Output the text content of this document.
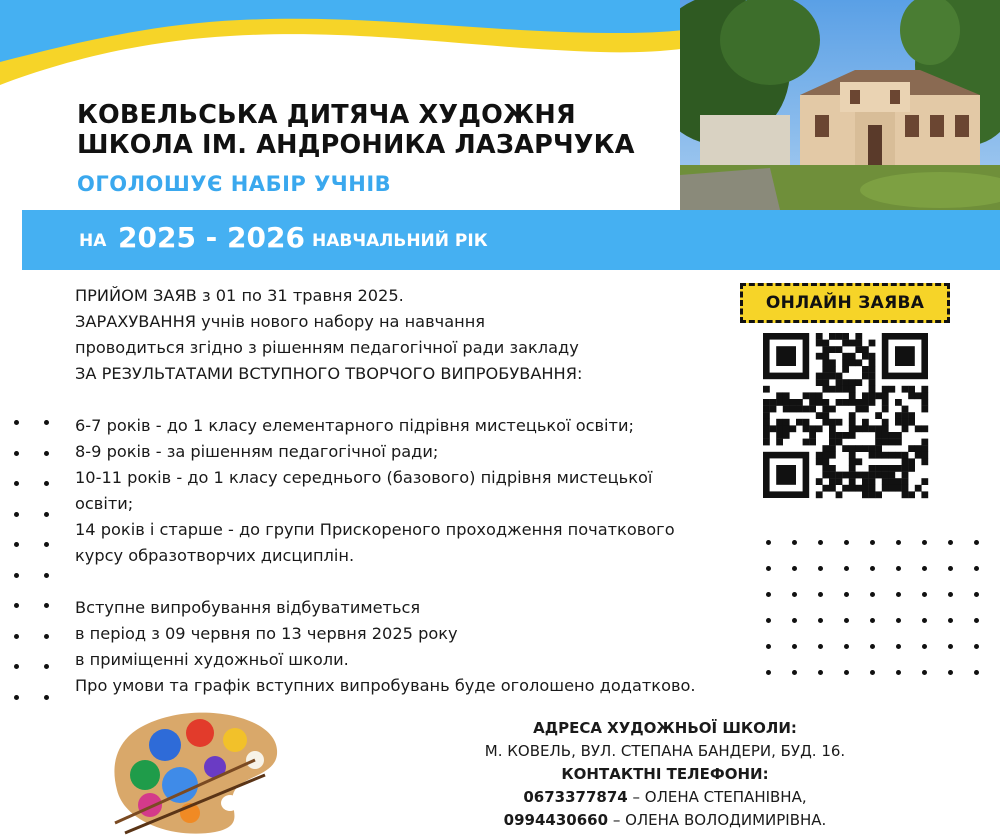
КОВЕЛЬСЬКА ДИТЯЧА ХУДОЖНЯ
ШКОЛА ІМ. АНДРОНИКА ЛАЗАРЧУКА
ОГОЛОШУЄ НАБІР УЧНІВ
НА 2025 - 2026 НАВЧАЛЬНИЙ РІК

ПРИЙОМ ЗАЯВ з 01 по 31 травня 2025.

ЗАРАХУВАННЯ учнів нового набору на навчання

проводиться згідно з рішенням педагогічної ради закладу

ЗА РЕЗУЛЬТАТАМИ ВСТУПНОГО ТВОРЧОГО ВИПРОБУВАННЯ:

6-7 років - до 1 класу елементарного підрівня мистецької освіти;

8-9 років - за рішенням педагогічної ради;

10-11 років - до 1 класу середнього (базового) підрівня мистецької

освіти;

14 років і старше - до групи Прискореного проходження початкового

курсу образотворчих дисциплін.

Вступне випробування відбуватиметься

в період з 09 червня по 13 червня 2025 року

в приміщенні художньої школи.

Про умови та графік вступних випробувань буде оголошено додатково.

ОНЛАЙН ЗАЯВА
АДРЕСА ХУДОЖНЬОЇ ШКОЛИ:
М. КОВЕЛЬ, ВУЛ. СТЕПАНА БАНДЕРИ, БУД. 16.
КОНТАКТНІ ТЕЛЕФОНИ:
0673377874 – ОЛЕНА СТЕПАНІВНА,
0994430660 – ОЛЕНА ВОЛОДИМИРІВНА.
